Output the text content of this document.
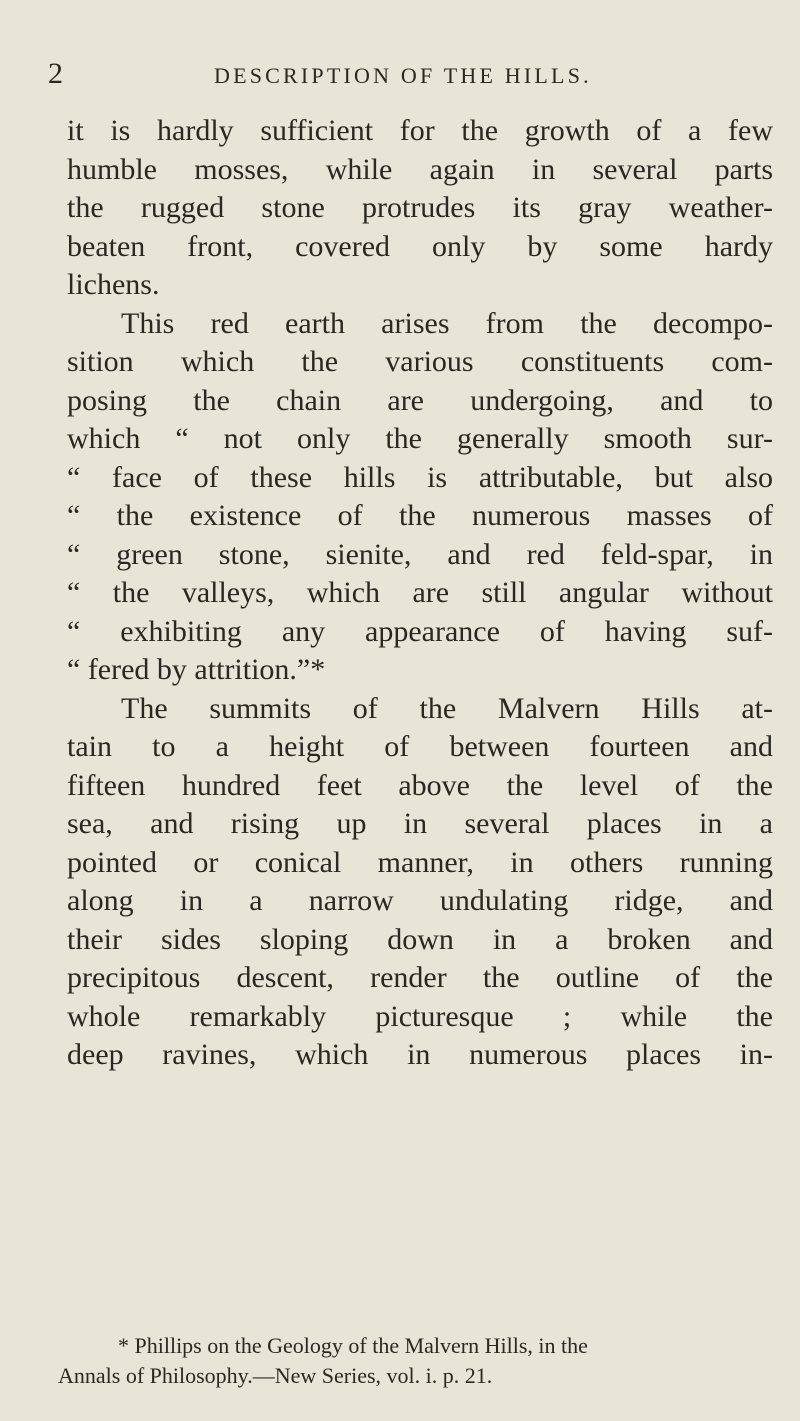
2	DESCRIPTION OF THE HILLS.
it is hardly sufficient for the growth of a few
humble mosses, while again in several parts
the rugged stone protrudes its gray weather-
beaten front, covered only by some hardy
lichens.
This red earth arises from the decompo-
sition which the various constituents com-
posing the chain are undergoing, and to
which “ not only the generally smooth sur-
“ face of these hills is attributable, but also
“ the existence of the numerous masses of
“ green stone, sienite, and red feld-spar, in
“ the valleys, which are still angular without
“ exhibiting any appearance of having suf-
“ fered by attrition.”*
The summits of the Malvern Hills at-
tain to a height of between fourteen and
fifteen hundred feet above the level of the
sea, and rising up in several places in a
pointed or conical manner, in others running
along in a narrow undulating ridge, and
their sides sloping down in a broken and
precipitous descent, render the outline of the
whole remarkably picturesque ; while the
deep ravines, which in numerous places in-
* Phillips on the Geology of the Malvern Hills, in the
Annals of Philosophy.—New Series, vol. i. p. 21.
